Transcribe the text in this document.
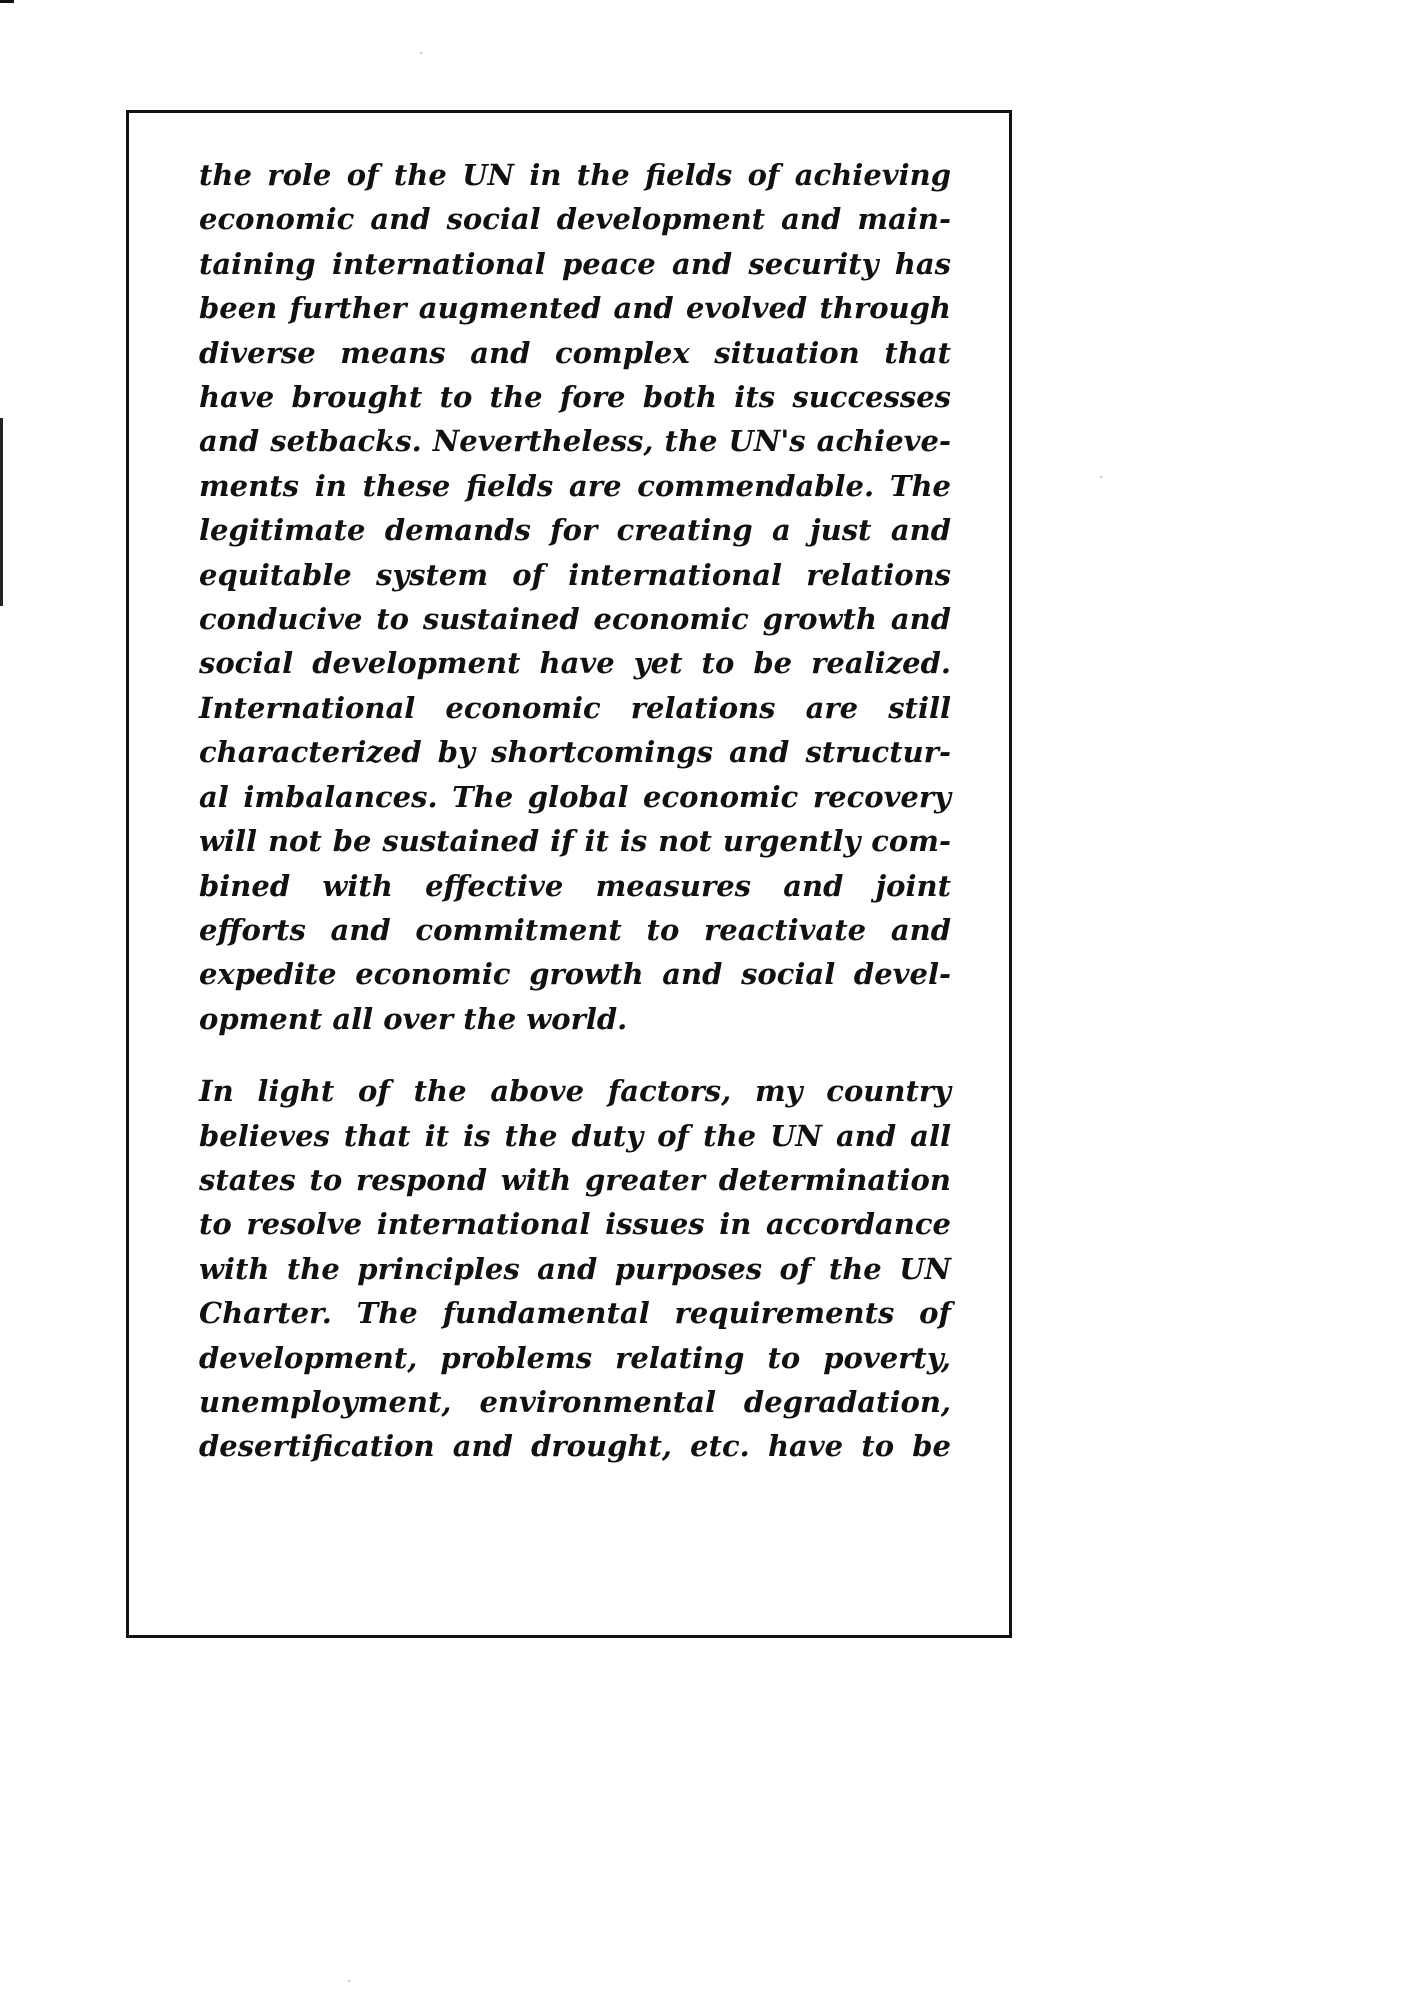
the role of the UN in the fields of achieving
economic and social development and main-
taining international peace and security has
been further augmented and evolved through
diverse means and complex situation that
have brought to the fore both its successes
and setbacks. Nevertheless, the UN's achieve-
ments in these fields are commendable. The
legitimate demands for creating a just and
equitable system of international relations
conducive to sustained economic growth and
social development have yet to be realized.
International economic relations are still
characterized by shortcomings and structur-
al imbalances. The global economic recovery
will not be sustained if it is not urgently com-
bined with effective measures and joint
efforts and commitment to reactivate and
expedite economic growth and social devel-
opment all over the world.
In light of the above factors, my country
believes that it is the duty of the UN and all
states to respond with greater determination
to resolve international issues in accordance
with the principles and purposes of the UN
Charter. The fundamental requirements of
development, problems relating to poverty,
unemployment, environmental degradation,
desertification and drought, etc. have to be
